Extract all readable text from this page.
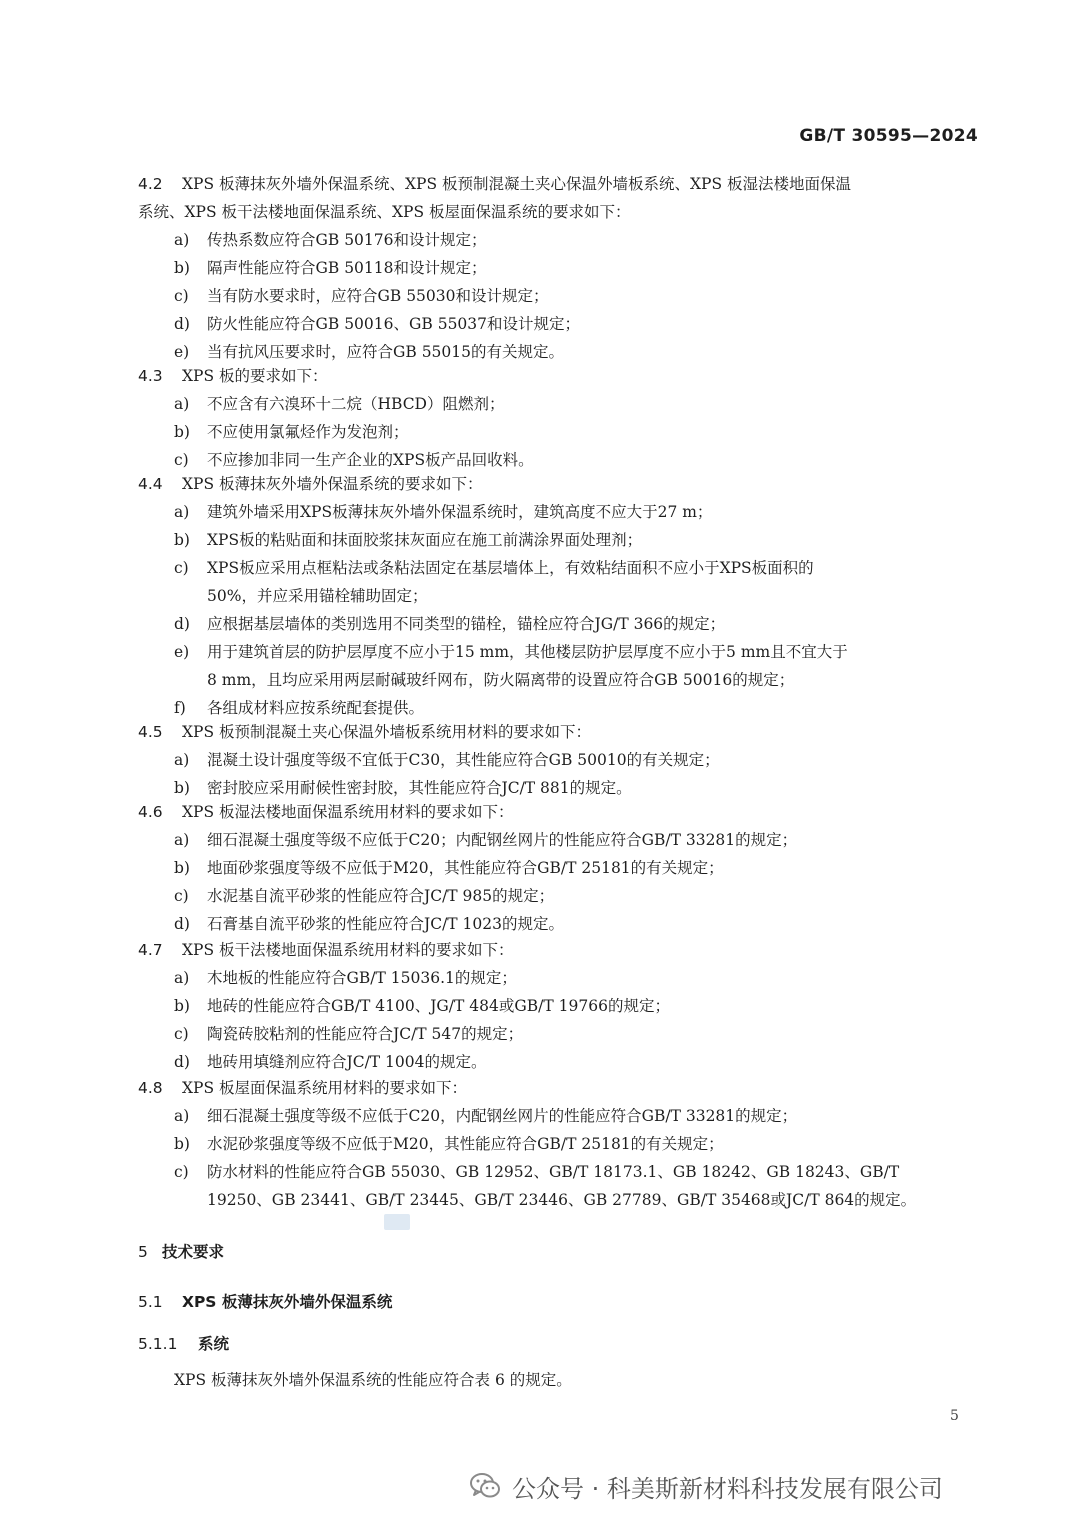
GB/T 30595—2024
4.2 XPS 板薄抹灰外墙外保温系统、XPS 板预制混凝土夹心保温外墙板系统、XPS 板湿法楼地面保温
系统、XPS 板干法楼地面保温系统、XPS 板屋面保温系统的要求如下：
a) 传热系数应符合GB 50176和设计规定；
b) 隔声性能应符合GB 50118和设计规定；
c) 当有防水要求时，应符合GB 55030和设计规定；
d) 防火性能应符合GB 50016、GB 55037和设计规定；
e) 当有抗风压要求时，应符合GB 55015的有关规定。
4.3 XPS 板的要求如下：
a) 不应含有六溴环十二烷（HBCD）阻燃剂；
b) 不应使用氯氟烃作为发泡剂；
c) 不应掺加非同一生产企业的XPS板产品回收料。
4.4 XPS 板薄抹灰外墙外保温系统的要求如下：
a) 建筑外墙采用XPS板薄抹灰外墙外保温系统时，建筑高度不应大于27 m；
b) XPS板的粘贴面和抹面胶浆抹灰面应在施工前满涂界面处理剂；
c) XPS板应采用点框粘法或条粘法固定在基层墙体上，有效粘结面积不应小于XPS板面积的
50%，并应采用锚栓辅助固定；
d) 应根据基层墙体的类别选用不同类型的锚栓，锚栓应符合JG/T 366的规定；
e) 用于建筑首层的防护层厚度不应小于15 mm，其他楼层防护层厚度不应小于5 mm且不宜大于
8 mm，且均应采用两层耐碱玻纤网布，防火隔离带的设置应符合GB 50016的规定；
f) 各组成材料应按系统配套提供。
4.5 XPS 板预制混凝土夹心保温外墙板系统用材料的要求如下：
a) 混凝土设计强度等级不宜低于C30，其性能应符合GB 50010的有关规定；
b) 密封胶应采用耐候性密封胶，其性能应符合JC/T 881的规定。
4.6 XPS 板湿法楼地面保温系统用材料的要求如下：
a) 细石混凝土强度等级不应低于C20；内配钢丝网片的性能应符合GB/T 33281的规定；
b) 地面砂浆强度等级不应低于M20，其性能应符合GB/T 25181的有关规定；
c) 水泥基自流平砂浆的性能应符合JC/T 985的规定；
d) 石膏基自流平砂浆的性能应符合JC/T 1023的规定。
4.7 XPS 板干法楼地面保温系统用材料的要求如下：
a) 木地板的性能应符合GB/T 15036.1的规定；
b) 地砖的性能应符合GB/T 4100、JG/T 484或GB/T 19766的规定；
c) 陶瓷砖胶粘剂的性能应符合JC/T 547的规定；
d) 地砖用填缝剂应符合JC/T 1004的规定。
4.8 XPS 板屋面保温系统用材料的要求如下：
a) 细石混凝土强度等级不应低于C20，内配钢丝网片的性能应符合GB/T 33281的规定；
b) 水泥砂浆强度等级不应低于M20，其性能应符合GB/T 25181的有关规定；
c) 防水材料的性能应符合GB 55030、GB 12952、GB/T 18173.1、GB 18242、GB 18243、GB/T
19250、GB 23441、GB/T 23445、GB/T 23446、GB 27789、GB/T 35468或JC/T 864的规定。
5 技术要求
5.1 XPS 板薄抹灰外墙外保温系统
5.1.1 系统
XPS 板薄抹灰外墙外保温系统的性能应符合表 6 的规定。
5
公众号 · 科美斯新材料科技发展有限公司
